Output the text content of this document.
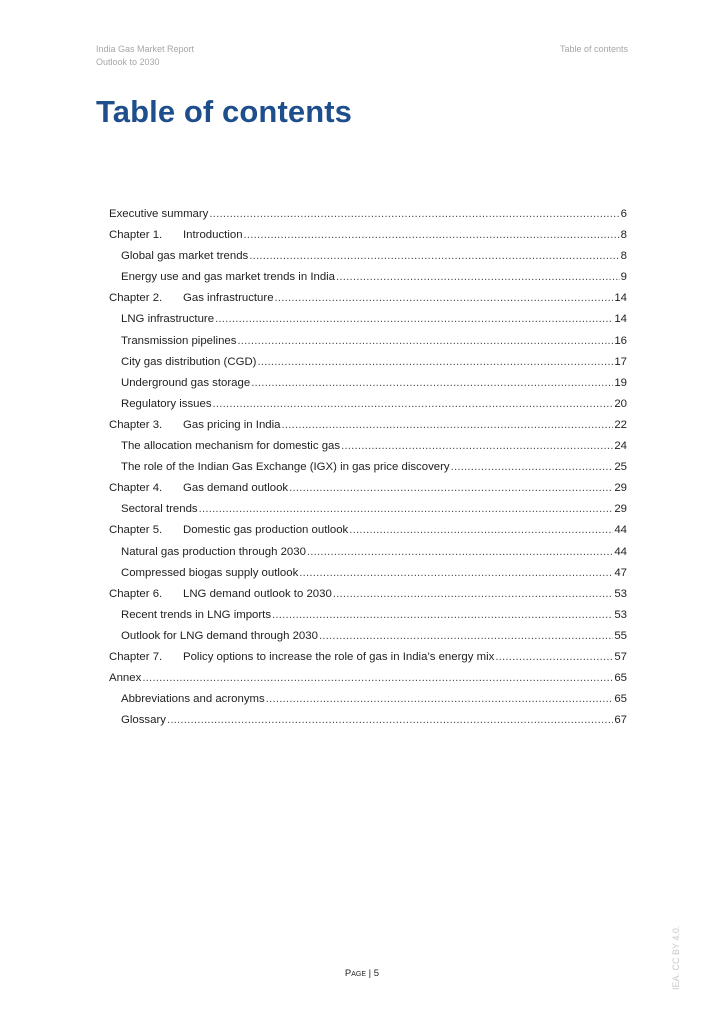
India Gas Market Report
Outlook to 2030
Table of contents
Table of contents
Executive summary .....	6
Chapter 1. Introduction .....	8
Global gas market trends .....	8
Energy use and gas market trends in India .....	9
Chapter 2. Gas infrastructure .....	14
LNG infrastructure .....	14
Transmission pipelines .....	16
City gas distribution (CGD) .....	17
Underground gas storage .....	19
Regulatory issues .....	20
Chapter 3. Gas pricing in India .....	22
The allocation mechanism for domestic gas .....	24
The role of the Indian Gas Exchange (IGX) in gas price discovery .....	25
Chapter 4. Gas demand outlook .....	29
Sectoral trends .....	29
Chapter 5. Domestic gas production outlook .....	44
Natural gas production through 2030 .....	44
Compressed biogas supply outlook .....	47
Chapter 6. LNG demand outlook to 2030 .....	53
Recent trends in LNG imports .....	53
Outlook for LNG demand through 2030 .....	55
Chapter 7. Policy options to increase the role of gas in India’s energy mix .....	57
Annex .....	65
Abbreviations and acronyms .....	65
Glossary .....	67
Page | 5	IEA. CC BY 4.0.
